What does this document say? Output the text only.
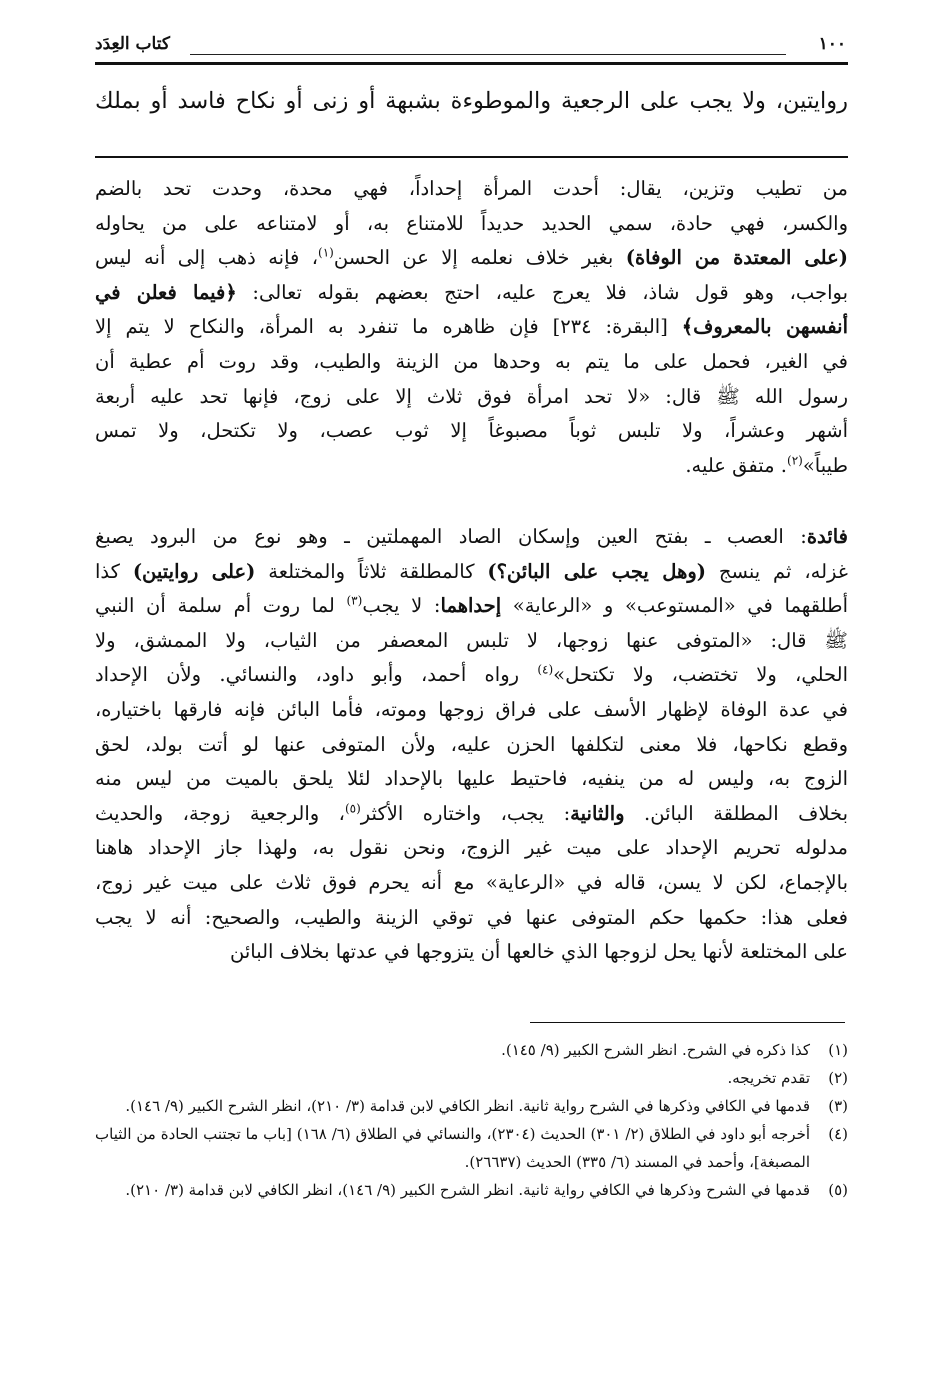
١٠٠
كتاب العِدَد
روايتين، ولا يجب على الرجعية والموطوءة بشبهة أو زنى أو نكاح فاسد أو بملك
من تطيب وتزين، يقال: أحدت المرأة إحداداً، فهي محدة، وحدت تحد بالضم
والكسر، فهي حادة، سمي الحديد حديداً للامتناع به، أو لامتناعه على من يحاوله
(على المعتدة من الوفاة) بغير خلاف نعلمه إلا عن الحسن$^{(١)}$، فإنه ذهب إلى أنه ليس
بواجب، وهو قول شاذ، فلا يعرج عليه، احتج بعضهم بقوله تعالى: ﴿فيما فعلن في
أنفسهن بالمعروف﴾ [البقرة: ٢٣٤] فإن ظاهره ما تنفرد به المرأة، والنكاح لا يتم إلا
في الغير، فحمل على ما يتم به وحدها من الزينة والطيب، وقد روت أم عطية أن
رسول الله ﷺ قال: «لا تحد امرأة فوق ثلاث إلا على زوج، فإنها تحد عليه أربعة
أشهر وعشراً، ولا تلبس ثوباً مصبوغاً إلا ثوب عصب، ولا تكتحل، ولا تمس
طيباً»$^{(٢)}$. متفق عليه.
فائدة: العصب ـ بفتح العين وإسكان الصاد المهملتين ـ وهو نوع من البرود يصبغ
غزله، ثم ينسج (وهل يجب على البائن؟) كالمطلقة ثلاثاً والمختلعة (على روايتين) كذا
أطلقهما في «المستوعب» و «الرعاية» إحداهما: لا يجب$^{(٣)}$ لما روت أم سلمة أن النبي
ﷺ قال: «المتوفى عنها زوجها، لا تلبس المعصفر من الثياب، ولا الممشق، ولا
الحلي، ولا تختضب، ولا تكتحل»$^{(٤)}$ رواه أحمد، وأبو داود، والنسائي. ولأن الإحداد
في عدة الوفاة لإظهار الأسف على فراق زوجها وموته، فأما البائن فإنه فارقها باختياره،
وقطع نكاحها، فلا معنى لتكلفها الحزن عليه، ولأن المتوفى عنها لو أتت بولد، لحق
الزوج به، وليس له من ينفيه، فاحتيط عليها بالإحداد لئلا يلحق بالميت من ليس منه
بخلاف المطلقة البائن. والثانية: يجب، واختاره الأكثر$^{(٥)}$، والرجعية زوجة، والحديث
مدلوله تحريم الإحداد على ميت غير الزوج، ونحن نقول به، ولهذا جاز الإحداد هاهنا
بالإجماع، لكن لا يسن، قاله في «الرعاية» مع أنه يحرم فوق ثلاث على ميت غير زوج،
فعلى هذا: حكمها حكم المتوفى عنها في توقي الزينة والطيب، والصحيح: أنه لا يجب
على المختلعة لأنها يحل لزوجها الذي خالعها أن يتزوجها في عدتها بخلاف البائن
(١)
كذا ذكره في الشرح. انظر الشرح الكبير (٩/ ١٤٥).
(٢)
تقدم تخريجه.
(٣)
قدمها في الكافي وذكرها في الشرح رواية ثانية. انظر الكافي لابن قدامة (٣/ ٢١٠)، انظر الشرح الكبير (٩/ ١٤٦).
(٤)
أخرجه أبو داود في الطلاق (٢/ ٣٠١) الحديث (٢٣٠٤)، والنسائي في الطلاق (٦/ ١٦٨) [باب ما تجتنب الحادة من الثياب المصبغة]، وأحمد في المسند (٦/ ٣٣٥) الحديث (٢٦٦٣٧).
(٥)
قدمها في الشرح وذكرها في الكافي رواية ثانية. انظر الشرح الكبير (٩/ ١٤٦)، انظر الكافي لابن قدامة (٣/ ٢١٠).
